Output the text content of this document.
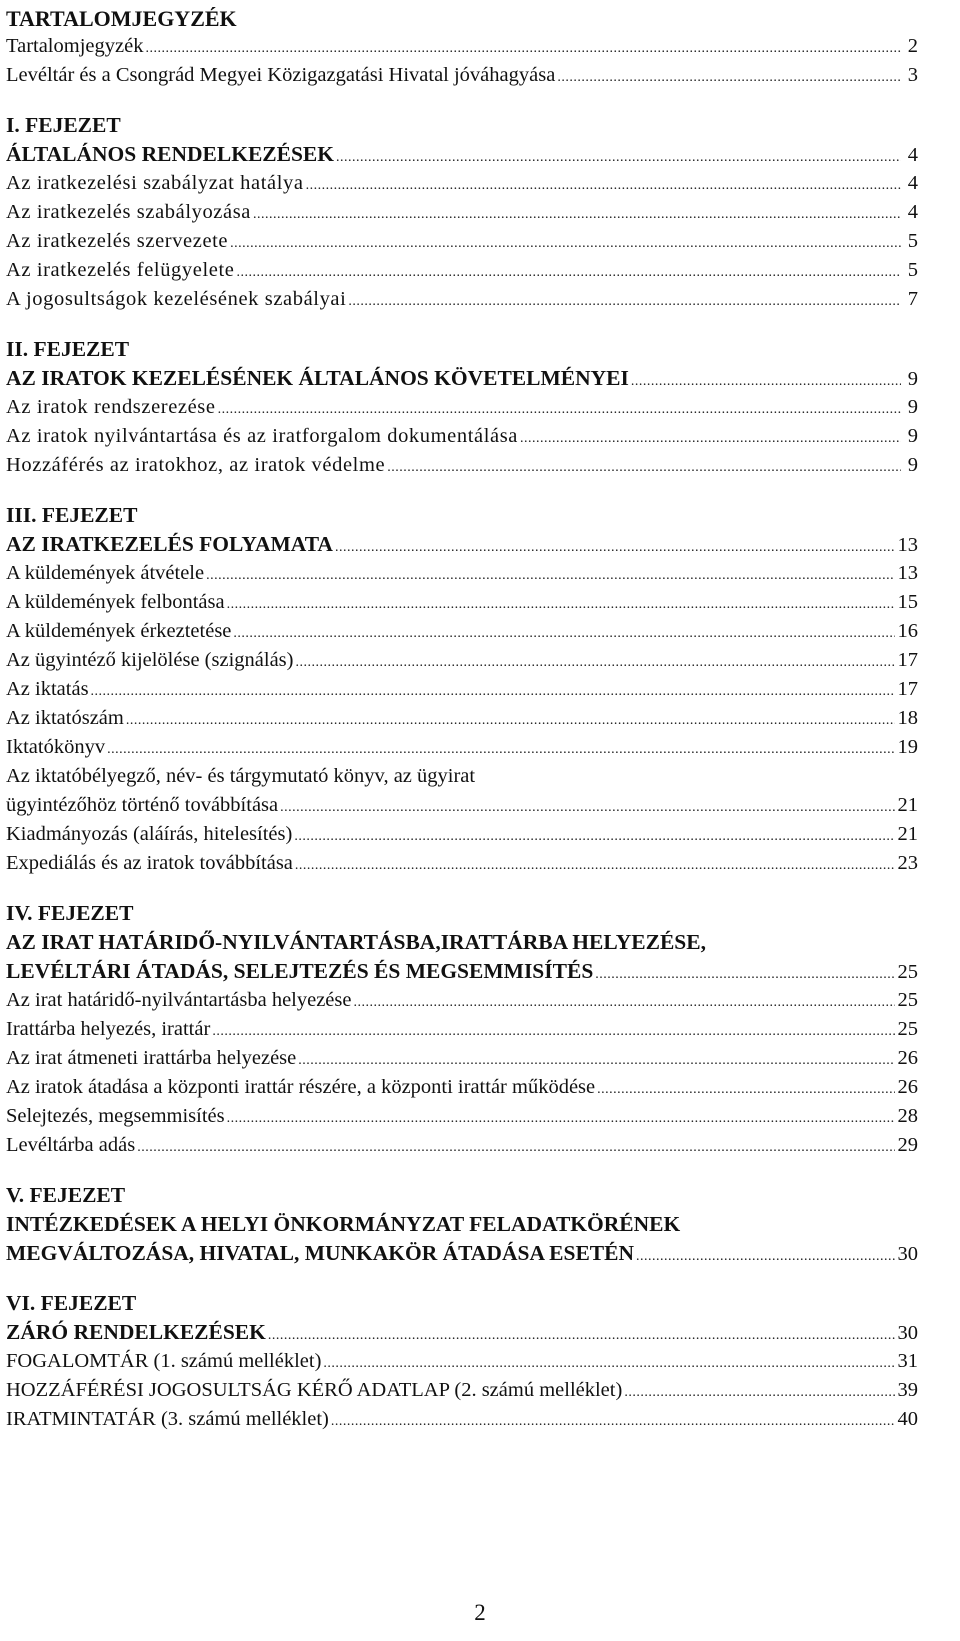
TARTALOMJEGYZÉK
Tartalomjegyzék .....	2
Levéltár és a Csongrád Megyei Közigazgatási Hivatal jóváhagyása .....	3
I. FEJEZET
ÁLTALÁNOS RENDELKEZÉSEK .....	4
Az iratkezelési szabályzat hatálya .....	4
Az iratkezelés szabályozása .....	4
Az iratkezelés szervezete .....	5
Az iratkezelés felügyelete .....	5
A jogosultságok kezelésének szabályai .....	7
II. FEJEZET
AZ IRATOK KEZELÉSÉNEK ÁLTALÁNOS KÖVETELMÉNYEI .....	9
Az iratok rendszerezése .....	9
Az iratok nyilvántartása és az iratforgalom dokumentálása .....	9
Hozzáférés az iratokhoz, az iratok védelme .....	9
III. FEJEZET
AZ IRATKEZELÉS FOLYAMATA .....	13
A küldemények átvétele .....	13
A küldemények felbontása .....	15
A küldemények érkeztetése .....	16
Az ügyintéző kijelölése (szignálás) .....	17
Az iktatás .....	17
Az iktatószám .....	18
Iktatókönyv .....	19
Az iktatóbélyegző, név- és tárgymutató könyv, az ügyirat
ügyintézőhöz történő továbbítása .....	21
Kiadmányozás (aláírás, hitelesítés) .....	21
Expediálás és az iratok továbbítása .....	23
IV. FEJEZET
AZ IRAT HATÁRIDŐ-NYILVÁNTARTÁSBA,IRATTÁRBA HELYEZÉSE,
LEVÉLTÁRI ÁTADÁS, SELEJTEZÉS ÉS MEGSEMMISÍTÉS .....	25
Az irat határidő-nyilvántartásba helyezése .....	25
Irattárba helyezés, irattár .....	25
Az irat átmeneti irattárba helyezése .....	26
Az iratok átadása a központi irattár részére, a központi irattár működése .....	26
Selejtezés, megsemmisítés .....	28
Levéltárba adás .....	29
V. FEJEZET
INTÉZKEDÉSEK A HELYI ÖNKORMÁNYZAT FELADATKÖRÉNEK
MEGVÁLTOZÁSA, HIVATAL, MUNKAKÖR ÁTADÁSA ESETÉN .....	30
VI. FEJEZET
ZÁRÓ RENDELKEZÉSEK .....	30
FOGALOMTÁR (1. számú melléklet) .....	31
HOZZÁFÉRÉSI JOGOSULTSÁG KÉRŐ ADATLAP (2. számú melléklet) .....	39
IRATMINTATÁR (3. számú melléklet) .....	40
2
